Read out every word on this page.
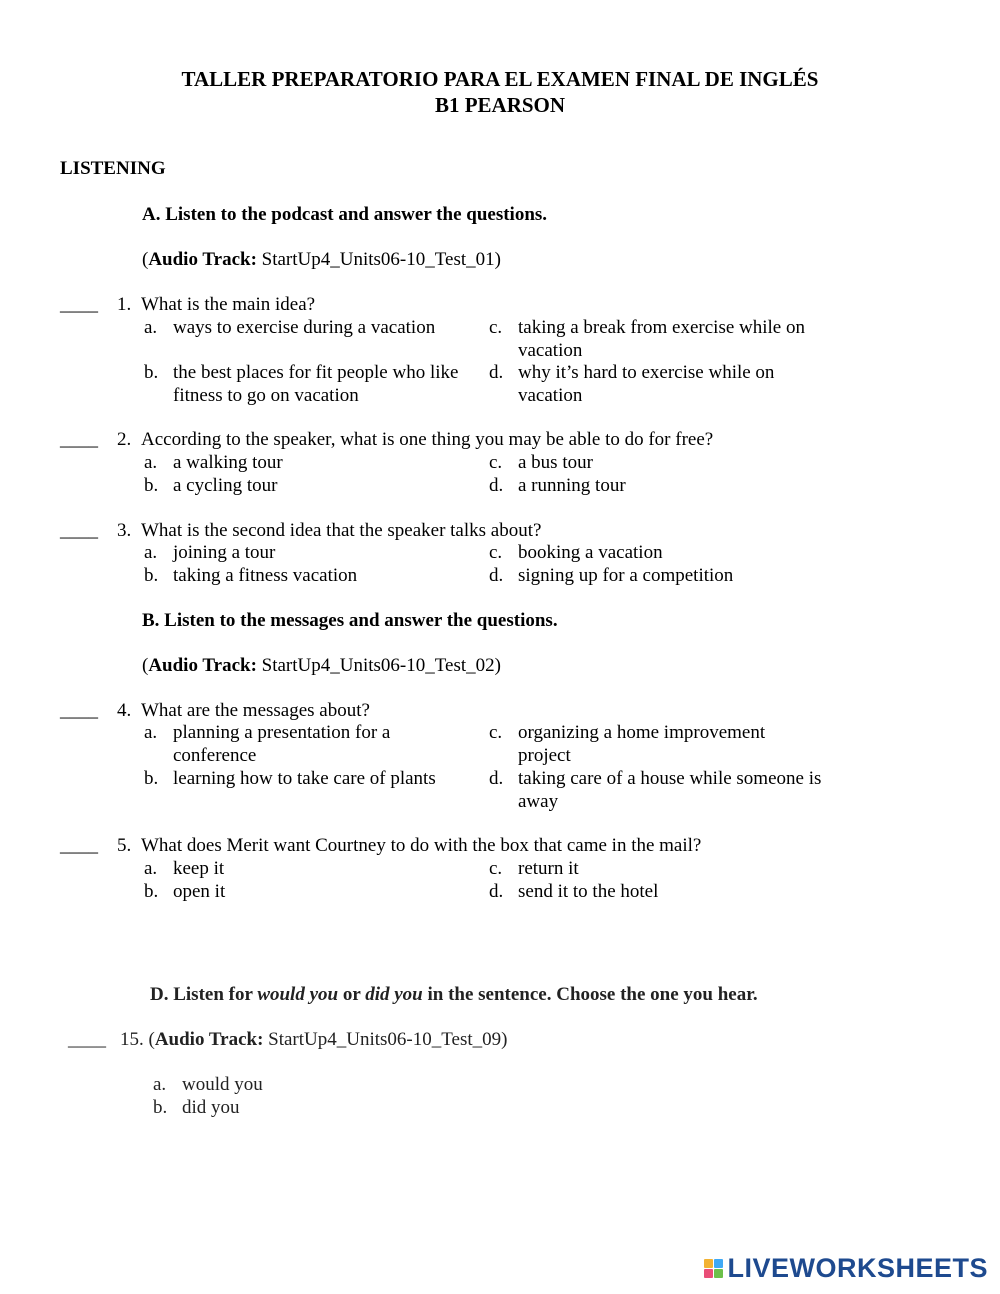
TALLER PREPARATORIO PARA EL EXAMEN FINAL DE INGLÉS
B1 PEARSON
LISTENING
A. Listen to the podcast and answer the questions.
(Audio Track: StartUp4_Units06-10_Test_01)
____ 1. What is the main idea?
a. ways to exercise during a vacation
b. the best places for fit people who like fitness to go on vacation
c. taking a break from exercise while on vacation
d. why it’s hard to exercise while on vacation
____ 2. According to the speaker, what is one thing you may be able to do for free?
a. a walking tour
b. a cycling tour
c. a bus tour
d. a running tour
____ 3. What is the second idea that the speaker talks about?
a. joining a tour
b. taking a fitness vacation
c. booking a vacation
d. signing up for a competition
B. Listen to the messages and answer the questions.
(Audio Track: StartUp4_Units06-10_Test_02)
____ 4. What are the messages about?
a. planning a presentation for a conference
b. learning how to take care of plants
c. organizing a home improvement project
d. taking care of a house while someone is away
____ 5. What does Merit want Courtney to do with the box that came in the mail?
a. keep it
b. open it
c. return it
d. send it to the hotel
D. Listen for would you or did you in the sentence. Choose the one you hear.
____ 15. (Audio Track: StartUp4_Units06-10_Test_09)
a. would you
b. did you
LIVEWORKSHEETS
